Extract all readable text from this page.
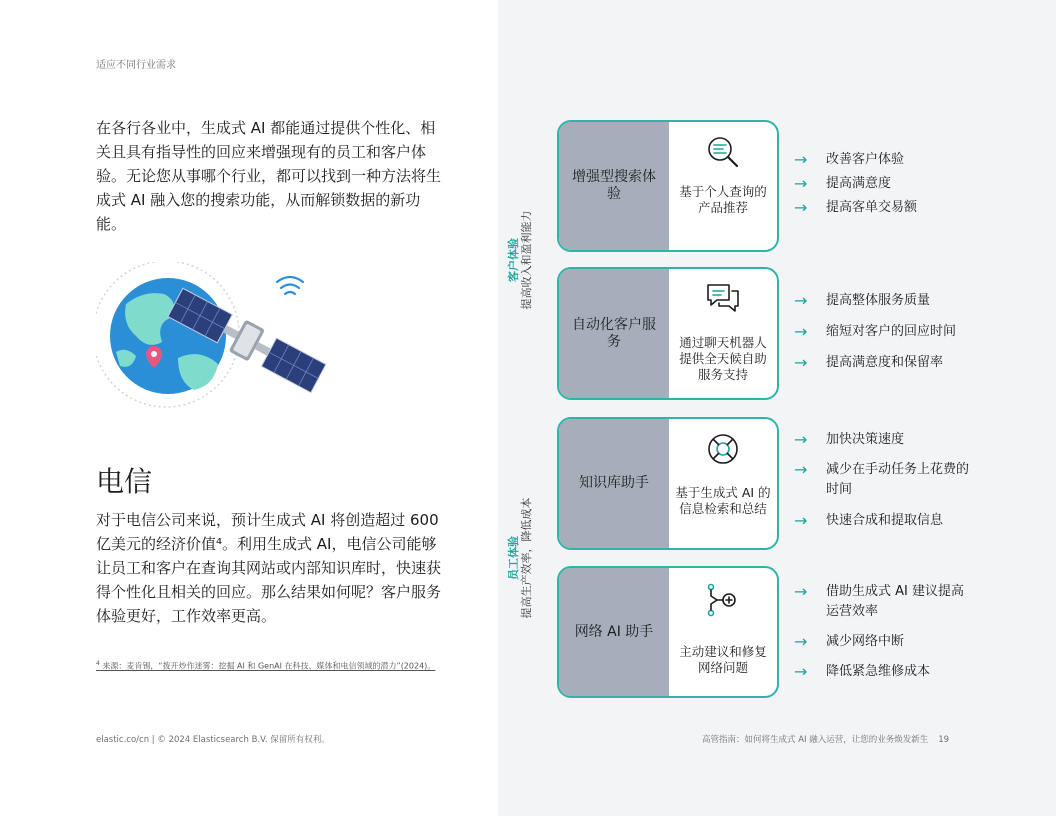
适应不同行业需求
在各行各业中，生成式 AI 都能通过提供个性化、相关且具有指导性的回应来增强现有的员工和客户体验。无论您从事哪个行业，都可以找到一种方法将生成式 AI 融入您的搜索功能，从而解锁数据的新功能。
电信
对于电信公司来说，预计生成式 AI 将创造超过 600 亿美元的经济价值⁴。利用生成式 AI，电信公司能够让员工和客户在查询其网站或内部知识库时，快速获得个性化且相关的回应。那么结果如何呢？客户服务体验更好，工作效率更高。
$^4$ 来源：麦肯锡，“拨开炒作迷雾：挖掘 AI 和 GenAI 在科技、媒体和电信领域的潜力”(2024)。
客户体验 提高收入和盈利能力
员工体验 提高生产效率，降低成本
增强型搜索体验	基于个人查询的产品推荐
自动化客户服务	通过聊天机器人提供全天候自助服务支持
知识库助手
基于生成式 AI 的信息检索和总结
网络 AI 助手
主动建议和修复网络问题
→	改善客户体验
→	提高满意度
→	提高客单交易额
→	提高整体服务质量
→	缩短对客户的回应时间
→	提高满意度和保留率
→	加快决策速度
→	减少在手动任务上花费的时间
→	快速合成和提取信息
→	借助生成式 AI 建议提高运营效率
→	减少网络中断
→	降低紧急维修成本
elastic.co/cn | © 2024 Elasticsearch B.V. 保留所有权利。	高管指南：如何将生成式 AI 融入运营，让您的业务焕发新生 19
